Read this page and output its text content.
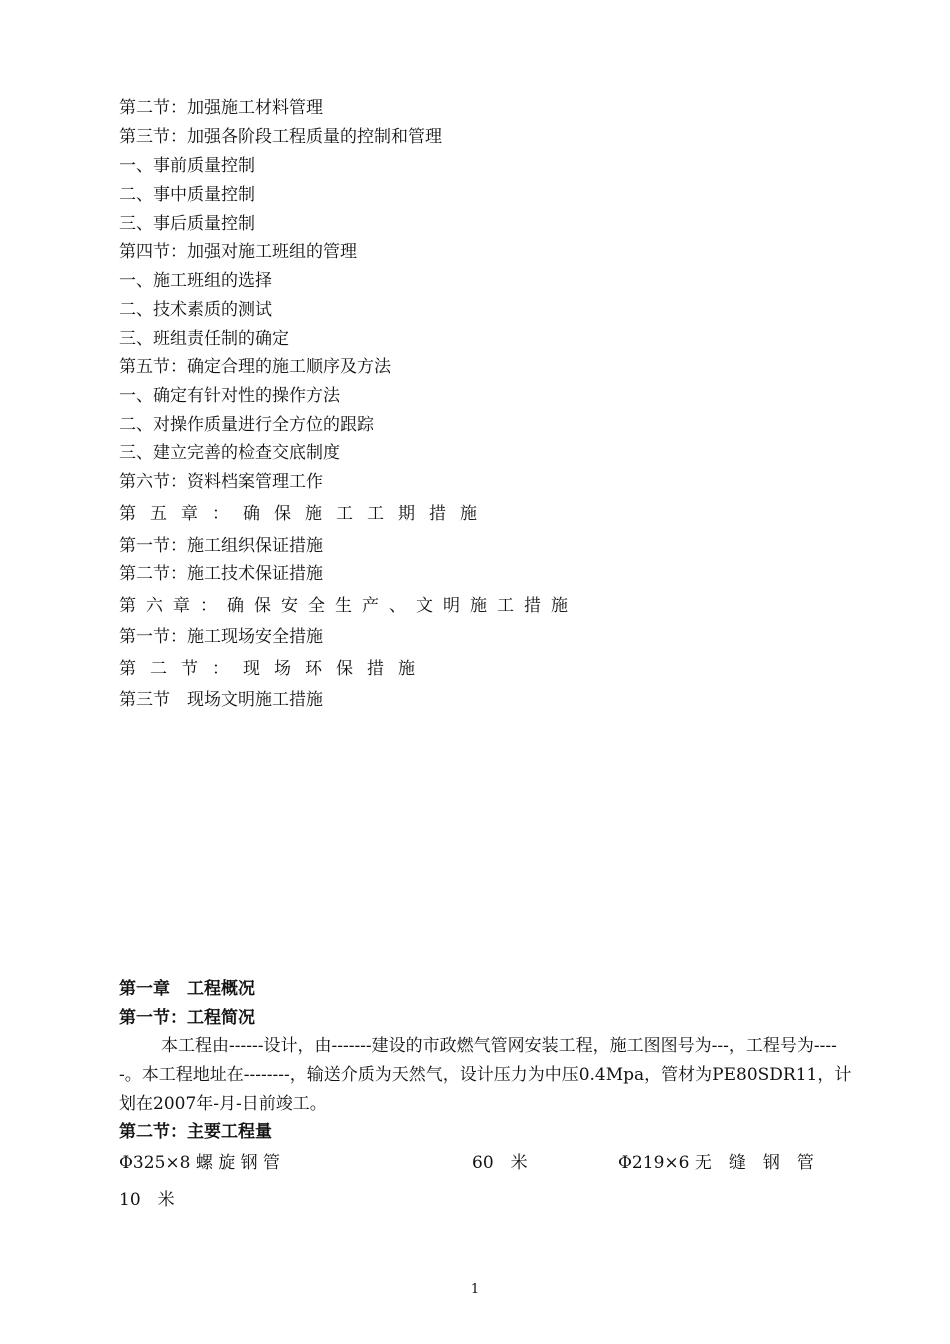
第二节：加强施工材料管理
第三节：加强各阶段工程质量的控制和管理
一、事前质量控制
二、事中质量控制
三、事后质量控制
第四节：加强对施工班组的管理
一、施工班组的选择
二、技术素质的测试
三、班组责任制的确定
第五节：确定合理的施工顺序及方法
一、确定有针对性的操作方法
二、对操作质量进行全方位的跟踪
三、建立完善的检查交底制度
第六节：资料档案管理工作
第五章：确保施工工期措施
第一节：施工组织保证措施
第二节：施工技术保证措施
第六章：确保安全生产、文明施工措施
第一节：施工现场安全措施
第二节：现场环保措施
第三节　现场文明施工措施
第一章　工程概况
第一节：工程简况

本工程由------设计，由-------建设的市政燃气管网安装工程，施工图图号为---，工程号为-----。本工程地址在--------，输送介质为天然气，设计压力为中压0.4Mpa，管材为PE80SDR11，计划在2007年-月-日前竣工。

第二节：主要工程量
Φ325×8 螺 旋 钢 管	60　米	Φ219×6 无　缝　钢　管
10　米
1
